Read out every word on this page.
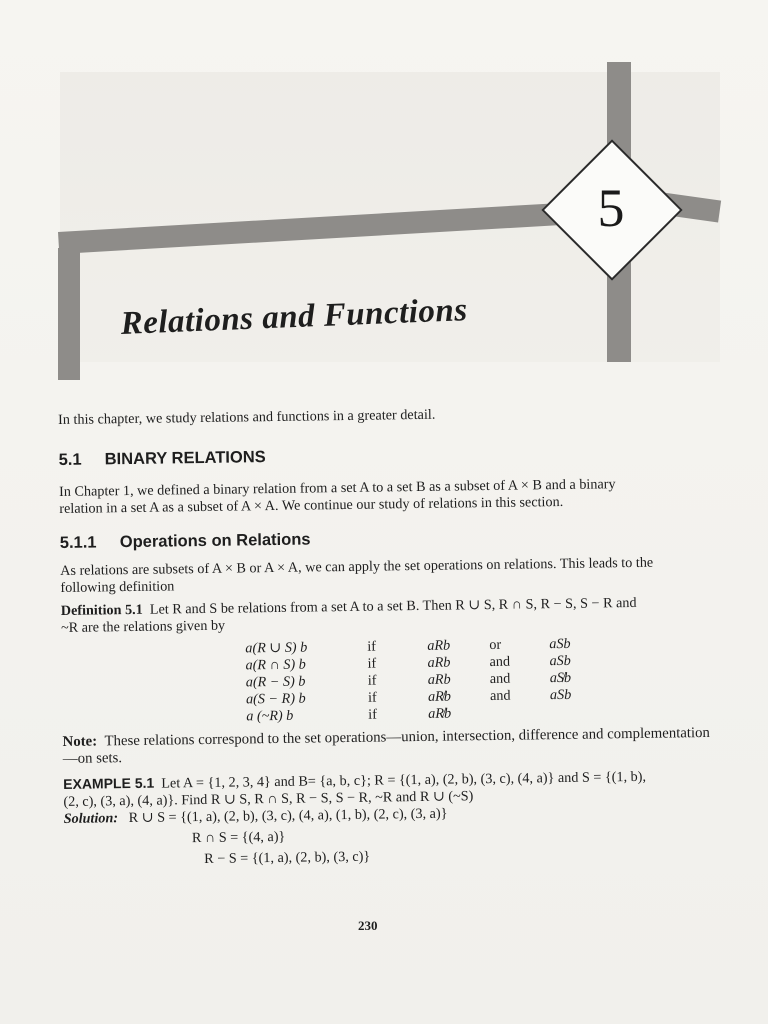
5
Relations and Functions

In this chapter, we study relations and functions in a greater detail.

5.1 BINARY RELATIONS

In Chapter 1, we defined a binary relation from a set A to a set B as a subset of A × B and a binary

relation in a set A as a subset of A × A. We continue our study of relations in this section.

5.1.1 Operations on Relations

As relations are subsets of A × B or A × A, we can apply the set operations on relations. This leads to the

following definition

Definition 5.1 Let R and S be relations from a set A to a set B. Then R ∪ S, R ∩ S, R − S, S − R and

~R are the relations given by

a(R ∪ S) b	if	aRb	or	aSb
a(R ∩ S) b	if	aRb	and	aSb
a(R − S) b	if	aRb	and	aS̸b
a(S − R) b	if	aR̸b	and	aSb
a (~R) b	if	aR̸b		

Note: These relations correspond to the set operations—union, intersection, difference and complementation—on sets.

EXAMPLE 5.1 Let A = {1, 2, 3, 4} and B= {a, b, c}; R = {(1, a), (2, b), (3, c), (4, a)} and S = {(1, b),

(2, c), (3, a), (4, a)}. Find R ∪ S, R ∩ S, R − S, S − R, ~R and R ∪ (~S)

Solution: R ∪ S = {(1, a), (2, b), (3, c), (4, a), (1, b), (2, c), (3, a)}

R ∩ S = {(4, a)}

R − S = {(1, a), (2, b), (3, c)}

230
